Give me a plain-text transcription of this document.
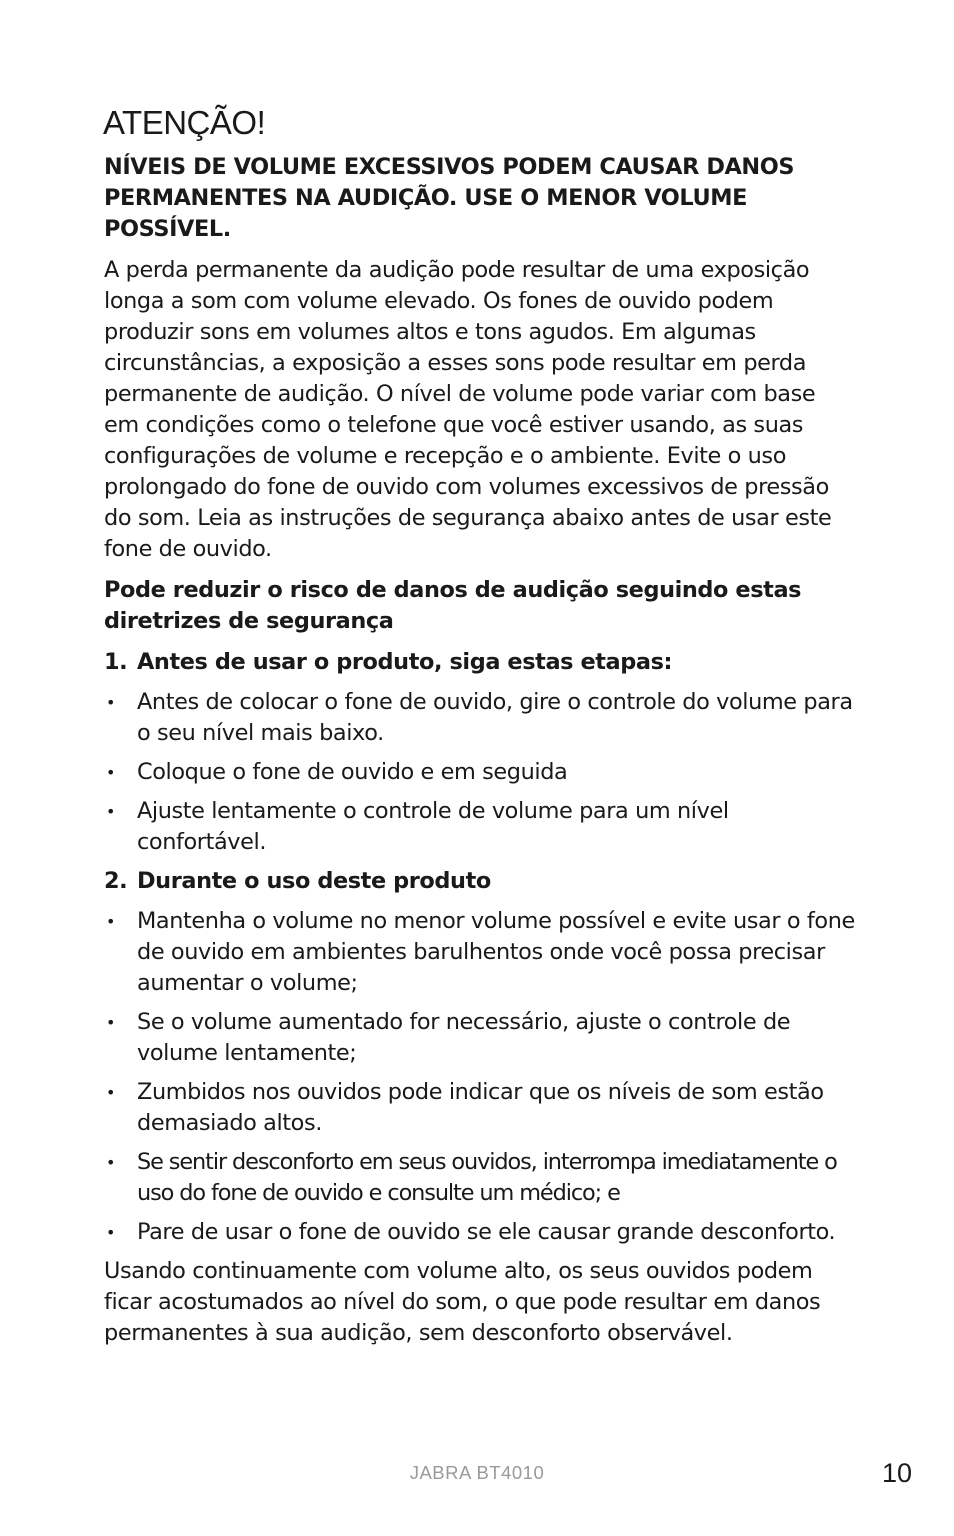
ATENÇÃO!

NÍVEIS DE VOLUME EXCESSIVOS PODEM CAUSAR DANOS PERMANENTES NA AUDIÇÃO. USE O MENOR VOLUME POSSÍVEL.

A perda permanente da audição pode resultar de uma exposição longa a som com volume elevado. Os fones de ouvido podem produzir sons em volumes altos e tons agudos. Em algumas circunstâncias, a exposição a esses sons pode resultar em perda permanente de audição. O nível de volume pode variar com base em condições como o telefone que você estiver usando, as suas configurações de volume e recepção e o ambiente. Evite o uso prolongado do fone de ouvido com volumes excessivos de pressão do som. Leia as instruções de segurança abaixo antes de usar este fone de ouvido.

Pode reduzir o risco de danos de audição seguindo estas diretrizes de segurança

1. Antes de usar o produto, siga estas etapas:
• Antes de colocar o fone de ouvido, gire o controle do volume para o seu nível mais baixo.
• Coloque o fone de ouvido e em seguida
• Ajuste lentamente o controle de volume para um nível confortável.
2. Durante o uso deste produto
• Mantenha o volume no menor volume possível e evite usar o fone de ouvido em ambientes barulhentos onde você possa precisar aumentar o volume;
• Se o volume aumentado for necessário, ajuste o controle de volume lentamente;
• Zumbidos nos ouvidos pode indicar que os níveis de som estão demasiado altos.
•	Se sentir desconforto em seus ouvidos, interrompa imediatamente o uso do fone de ouvido e consulte um médico; e
• Pare de usar o fone de ouvido se ele causar grande desconforto.

Usando continuamente com volume alto, os seus ouvidos podem ficar acostumados ao nível do som, o que pode resultar em danos permanentes à sua audição, sem desconforto observável.

JABRA BT4010	10
